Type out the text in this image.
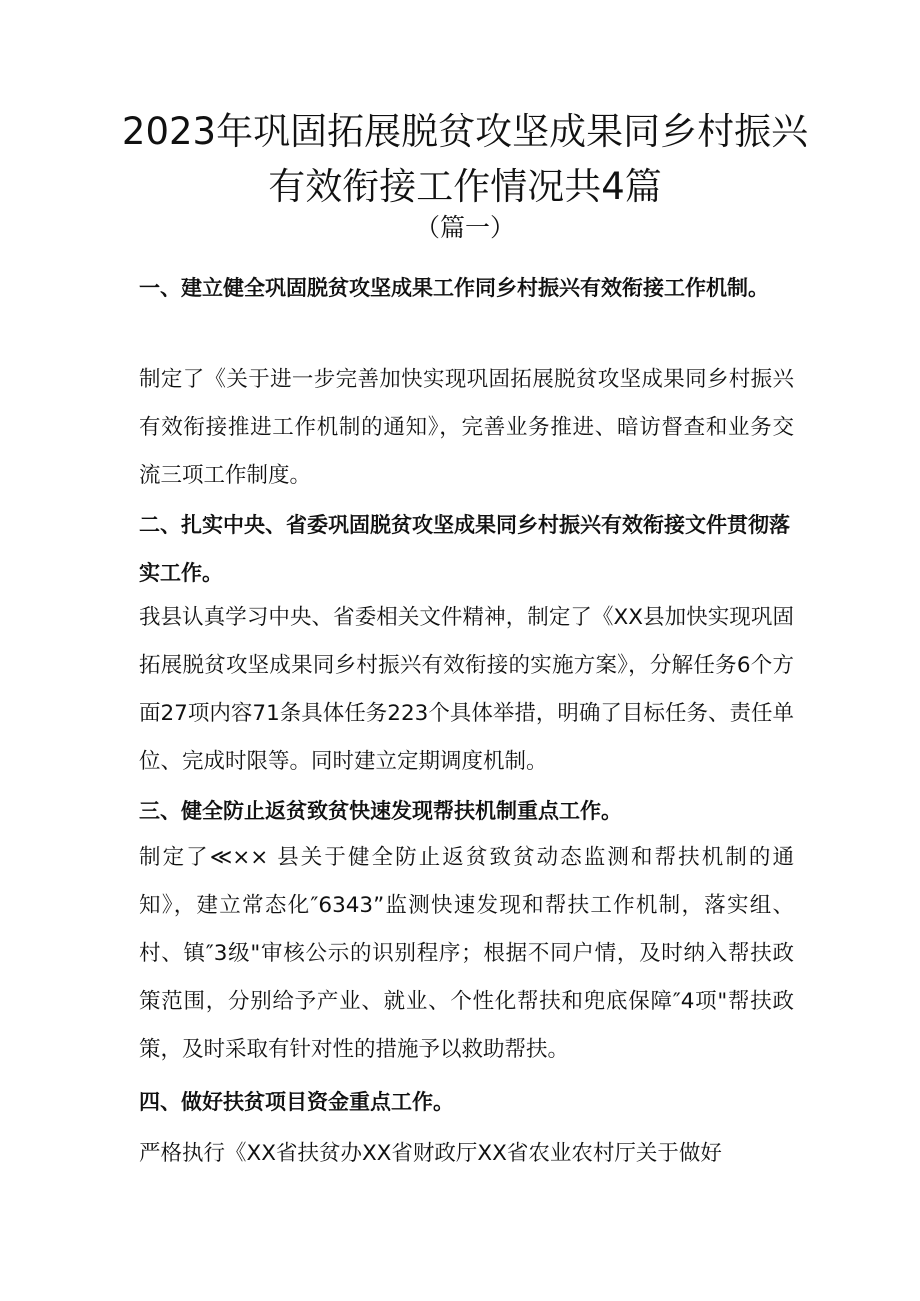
2023年巩固拓展脱贫攻坚成果同乡村振兴有效衔接工作情况共4篇
（篇一）

一、建立健全巩固脱贫攻坚成果工作同乡村振兴有效衔接工作机制。

制定了《关于进一步完善加快实现巩固拓展脱贫攻坚成果同乡村振兴有效衔接推进工作机制的通知》，完善业务推进、暗访督查和业务交流三项工作制度。

二、扎实中央、省委巩固脱贫攻坚成果同乡村振兴有效衔接文件贯彻落实工作。

我县认真学习中央、省委相关文件精神，制定了《XX县加快实现巩固拓展脱贫攻坚成果同乡村振兴有效衔接的实施方案》，分解任务6个方面27项内容71条具体任务223个具体举措，明确了目标任务、责任单位、完成时限等。同时建立定期调度机制。

三、健全防止返贫致贫快速发现帮扶机制重点工作。

制定了≪×× 县关于健全防止返贫致贫动态监测和帮扶机制的通知》，建立常态化″6343”监测快速发现和帮扶工作机制，落实组、村、镇″3级"审核公示的识别程序；根据不同户情，及时纳入帮扶政策范围，分别给予产业、就业、个性化帮扶和兜底保障″4项"帮扶政策，及时采取有针对性的措施予以救助帮扶。

四、做好扶贫项目资金重点工作。

严格执行《XX省扶贫办XX省财政厅XX省农业农村厅关于做好
